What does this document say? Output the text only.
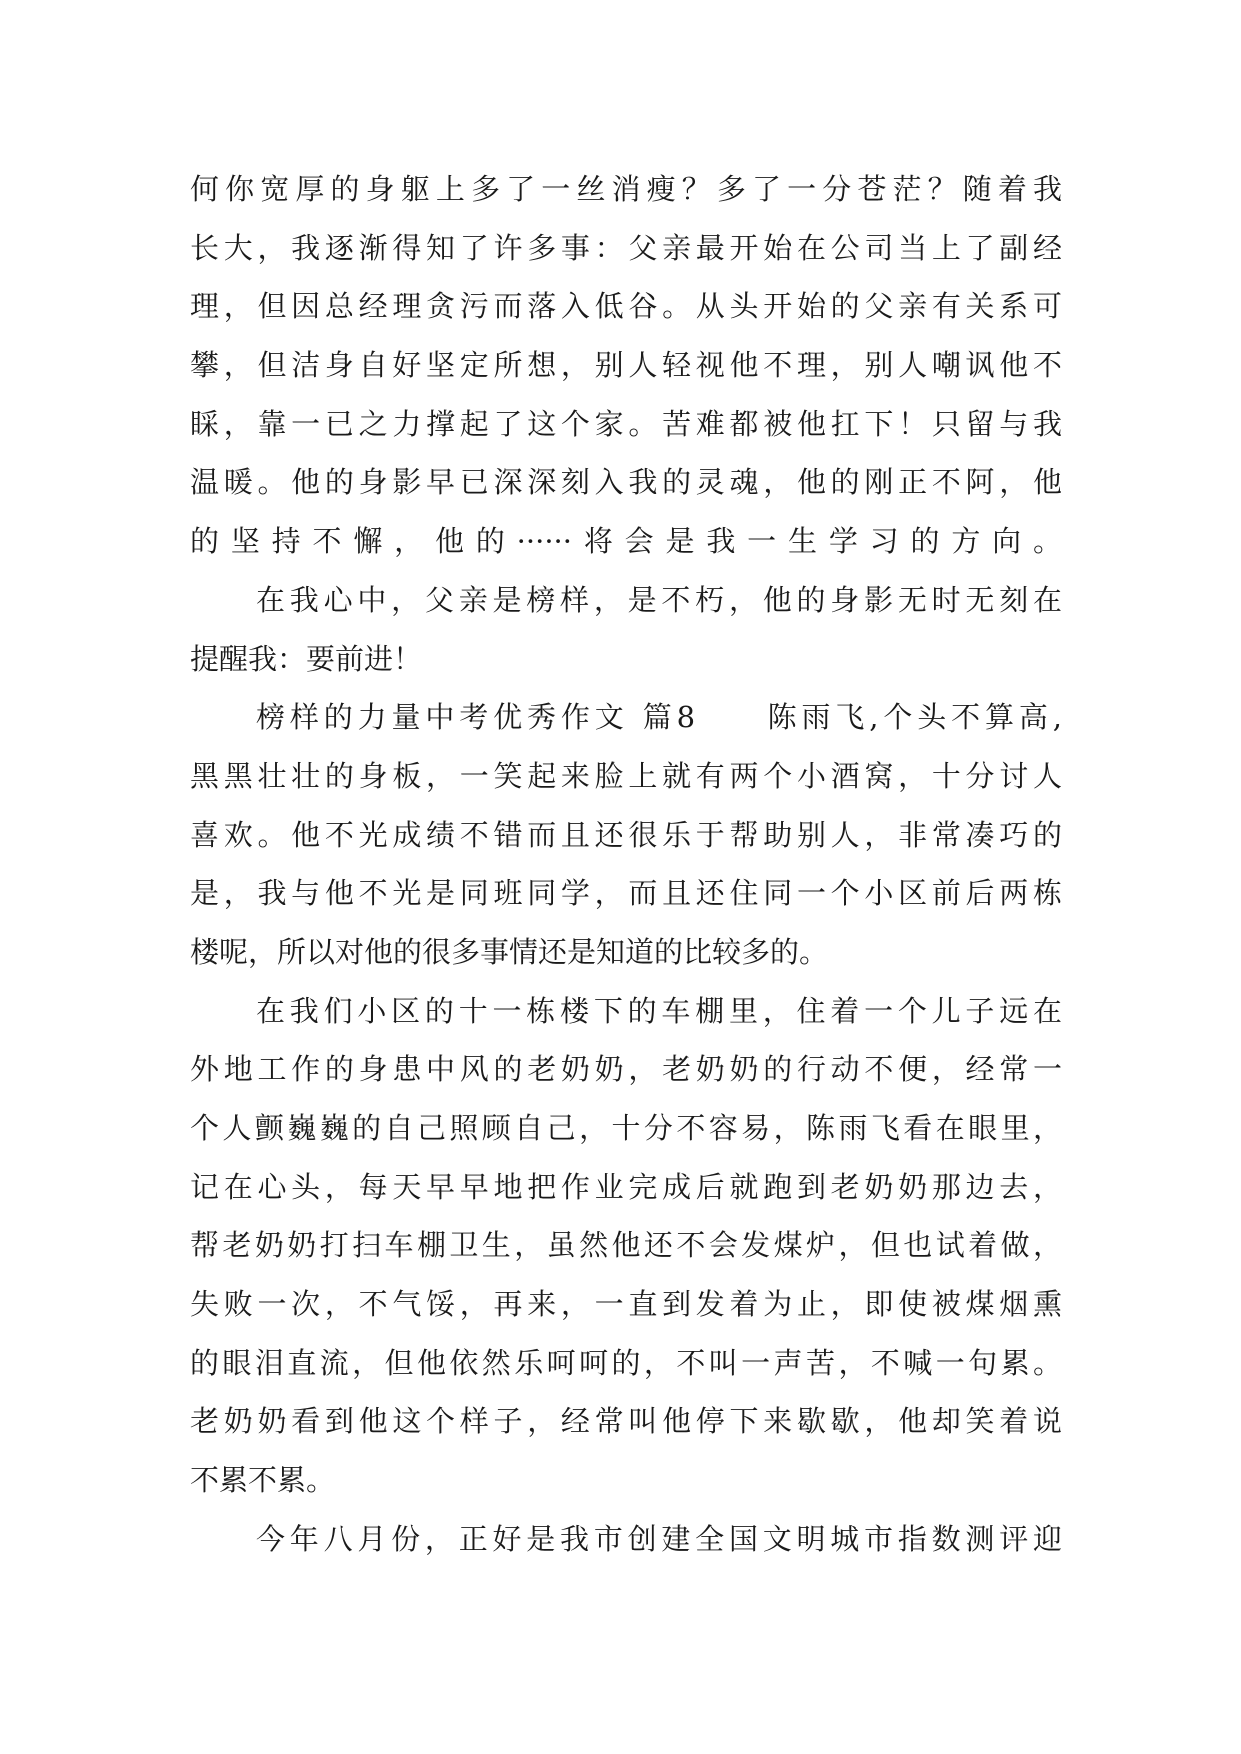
何你宽厚的身躯上多了一丝消瘦？多了一分苍茫？随着我
长大，我逐渐得知了许多事：父亲最开始在公司当上了副经
理，但因总经理贪污而落入低谷。从头开始的父亲有关系可
攀，但洁身自好坚定所想，别人轻视他不理，别人嘲讽他不
睬，靠一已之力撑起了这个家。苦难都被他扛下！只留与我
温暖。他的身影早已深深刻入我的灵魂，他的刚正不阿，他
的坚持不懈，他的······将会是我一生学习的方向。
在我心中，父亲是榜样，是不朽，他的身影无时无刻在
提醒我：要前进！
榜样的力量中考优秀作文 篇8　　陈雨飞,个头不算高,
黑黑壮壮的身板，一笑起来脸上就有两个小酒窝，十分讨人
喜欢。他不光成绩不错而且还很乐于帮助别人，非常凑巧的
是，我与他不光是同班同学，而且还住同一个小区前后两栋
楼呢，所以对他的很多事情还是知道的比较多的。
在我们小区的十一栋楼下的车棚里，住着一个儿子远在
外地工作的身患中风的老奶奶，老奶奶的行动不便，经常一
个人颤巍巍的自己照顾自己，十分不容易，陈雨飞看在眼里，
记在心头，每天早早地把作业完成后就跑到老奶奶那边去，
帮老奶奶打扫车棚卫生，虽然他还不会发煤炉，但也试着做，
失败一次，不气馁，再来，一直到发着为止，即使被煤烟熏
的眼泪直流，但他依然乐呵呵的，不叫一声苦，不喊一句累。
老奶奶看到他这个样子，经常叫他停下来歇歇，他却笑着说
不累不累。
今年八月份，正好是我市创建全国文明城市指数测评迎
